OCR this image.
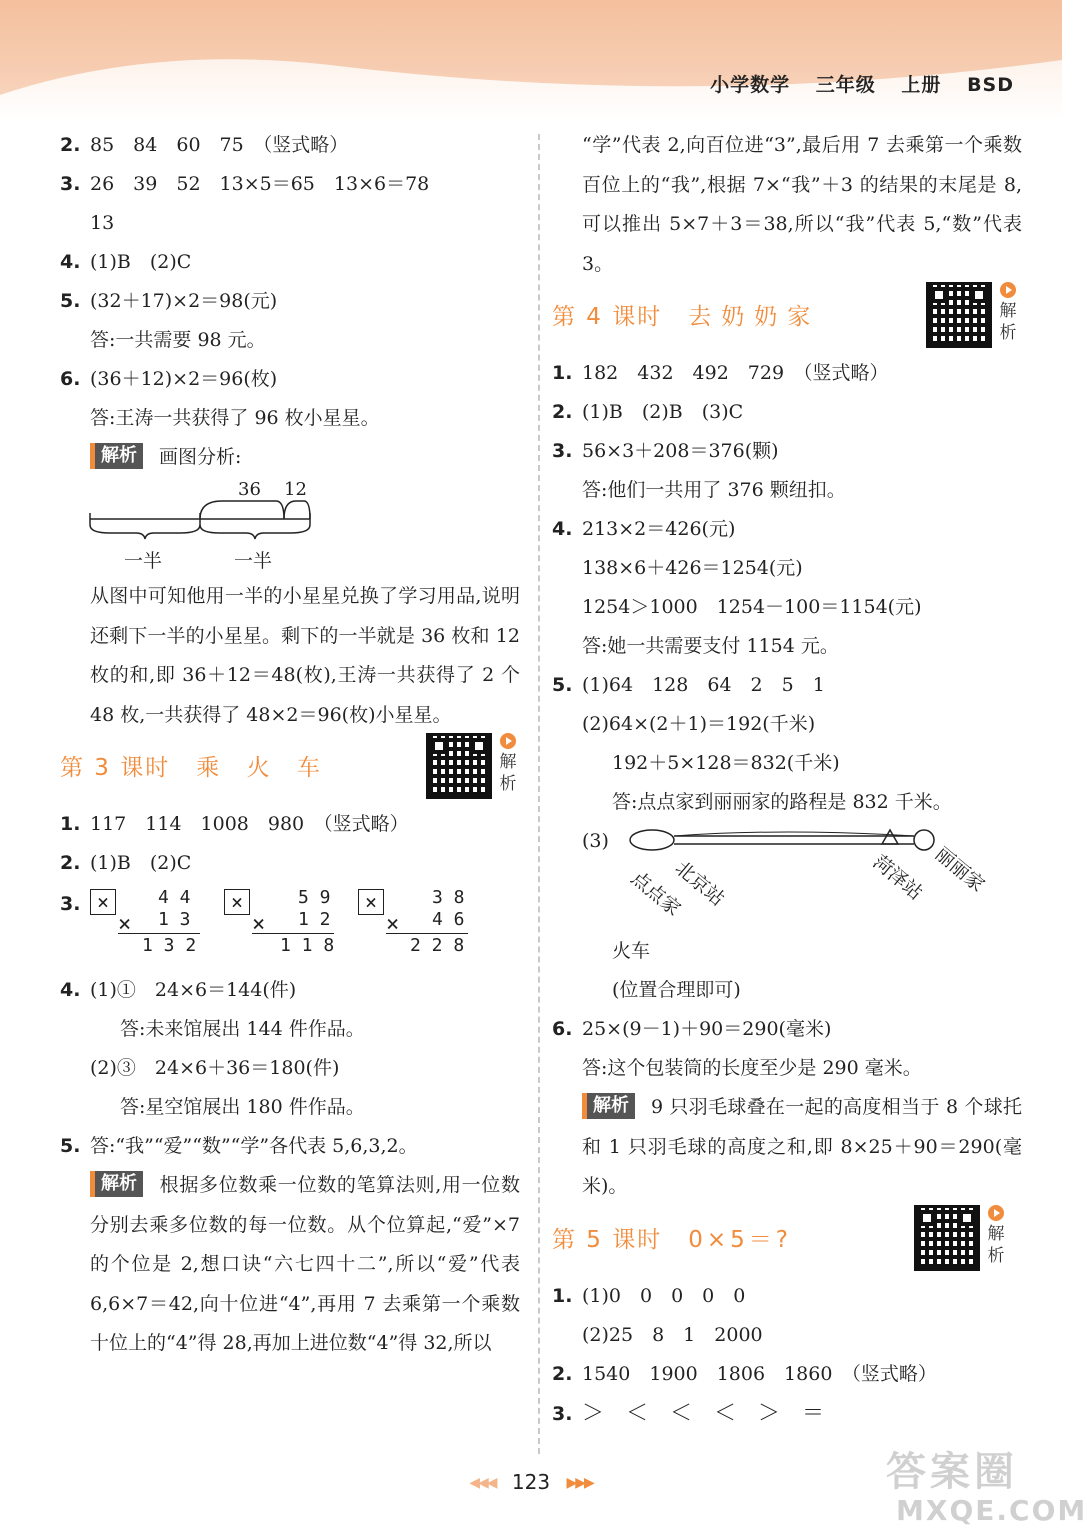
小学数学 三年级 上册 BSD
2. 85　84　60　75　（竖式略）
3. 26　39　52　13×5＝65　13×6＝78
13
4. (1)B　(2)C
5. (32＋17)×2＝98(元)
答:一共需要 98 元。
6. (36＋12)×2＝96(枚)
答:王涛一共获得了 96 枚小星星。
解析 画图分析:
36 12
一半	一半
从图中可知他用一半的小星星兑换了学习用品,说明还剩下一半的小星星。剩下的一半就是 36 枚和 12 枚的和,即 36＋12＝48(枚),王涛一共获得了 2 个 48 枚,一共获得了 48×2＝96(枚)小星星。
第 3 课时 乘 火 车	解析
1. 117　114　1008　980　（竖式略）
2. (1)B　(2)C
3. ×	4 4
× 1 3
1 3 2
×	5 9
× 1 2
1 1 8
×	3 8
× 4 6
2 2 8
4. (1)①　24×6＝144(件)
答:未来馆展出 144 件作品。
(2)③　24×6＋36＝180(件)
答:星空馆展出 180 件作品。
5. 答:“我”“爱”“数”“学”各代表 5,6,3,2。
解析 根据多位数乘一位数的笔算法则,用一位数分别去乘多位数的每一位数。从个位算起,“爱”×7 的个位是 2,想口诀“六七四十二”,所以“爱”代表 6,6×7＝42,向十位进“4”,再用 7 去乘第一个乘数十位上的“4”得 28,再加上进位数“4”得 32,所以
“学”代表 2,向百位进“3”,最后用 7 去乘第一个乘数百位上的“我”,根据 7×“我”＋3 的结果的末尾是 8,可以推出 5×7＋3＝38,所以“我”代表 5,“数”代表 3。
第 4 课时 去奶奶家	解析
1. 182　432　492　729　（竖式略）
2. (1)B　(2)B　(3)C
3. 56×3＋208＝376(颗)
答:他们一共用了 376 颗纽扣。
4. 213×2＝426(元)
138×6＋426＝1254(元)
1254＞1000　1254－100＝1154(元)
答:她一共需要支付 1154 元。
5. (1)64　128　64　2　5　1
(2)64×(2＋1)＝192(千米)
192＋5×128＝832(千米)
答:点点家到丽丽家的路程是 832 千米。
(3)
点点家
北京站	菏泽站 丽丽家
火车
(位置合理即可)
6. 25×(9－1)＋90＝290(毫米)
答:这个包装筒的长度至少是 290 毫米。
解析 9 只羽毛球叠在一起的高度相当于 8 个球托和 1 只羽毛球的高度之和,即 8×25＋90＝290(毫米)。
第 5 课时 0×5＝?	解析
1. (1)0　0　0　0　0
(2)25　8　1　2000
2. 1540　1900　1806　1860　（竖式略）
3. ＞　＜　＜　＜　＞　＝
◀◀◀ 123 ▶▶▶	答案圈
MXQE.COM
